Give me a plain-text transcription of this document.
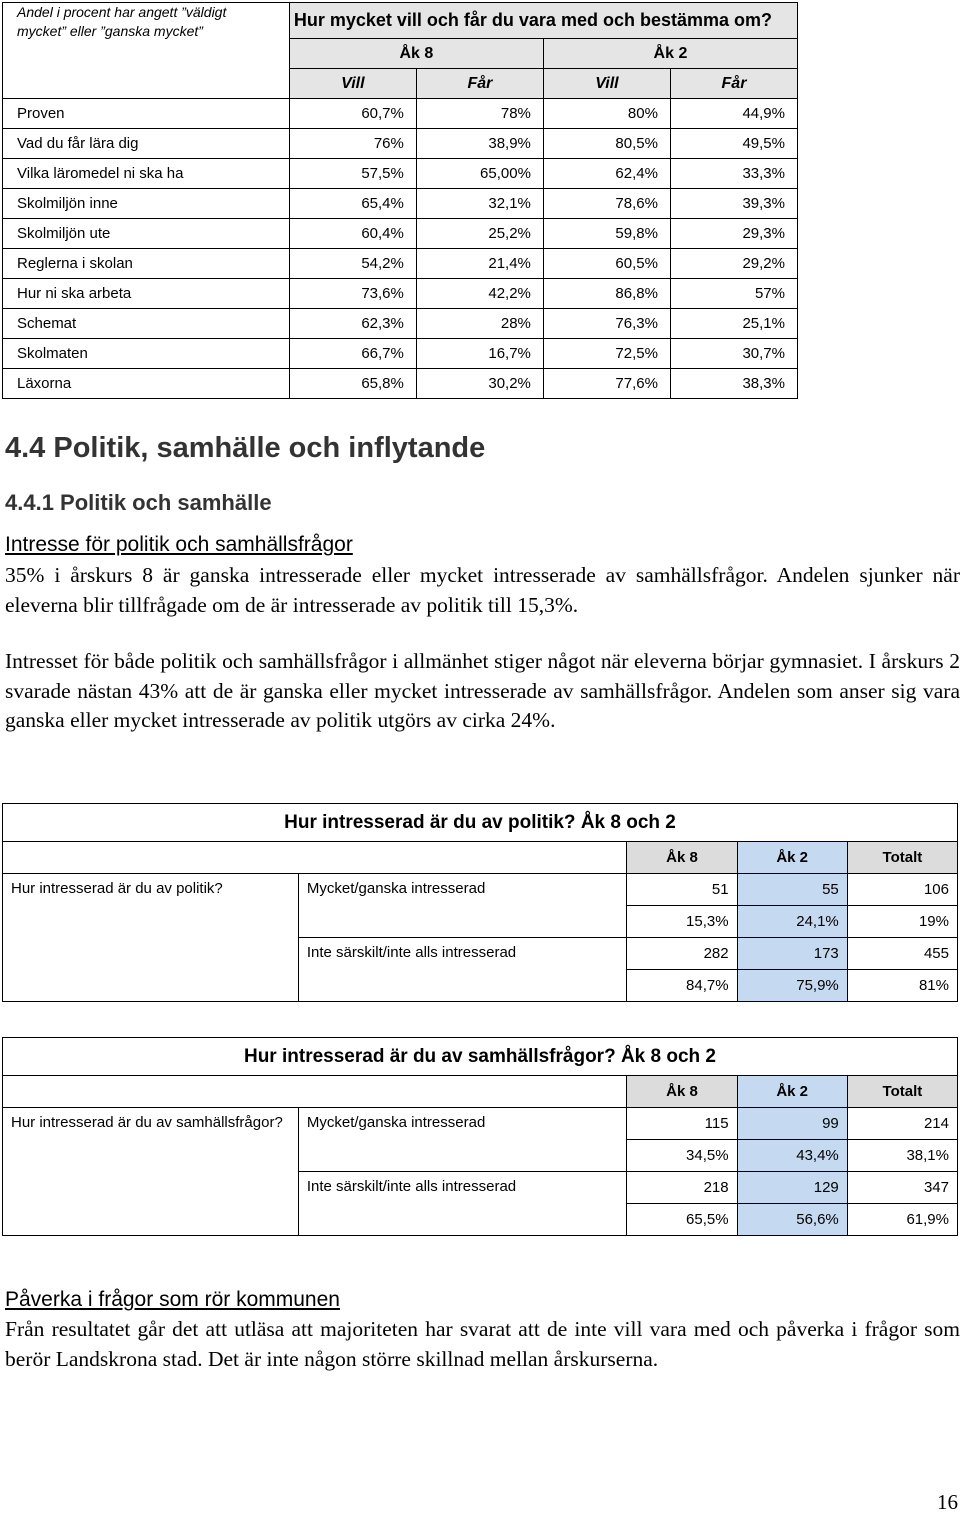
Andel i procent har angett ”väldigt mycket” eller ”ganska mycket”	Hur mycket vill och får du vara med och bestämma om?			
	Åk 8		Åk 2	
	Vill	Får	Vill	Får
Proven	60,7%	78%	80%	44,9%
Vad du får lära dig	76%	38,9%	80,5%	49,5%
Vilka läromedel ni ska ha	57,5%	65,00%	62,4%	33,3%
Skolmiljön inne	65,4%	32,1%	78,6%	39,3%
Skolmiljön ute	60,4%	25,2%	59,8%	29,3%
Reglerna i skolan	54,2%	21,4%	60,5%	29,2%
Hur ni ska arbeta	73,6%	42,2%	86,8%	57%
Schemat	62,3%	28%	76,3%	25,1%
Skolmaten	66,7%	16,7%	72,5%	30,7%
Läxorna	65,8%	30,2%	77,6%	38,3%
4.4 Politik, samhälle och inflytande
4.4.1 Politik och samhälle

Intresse för politik och samhällsfrågor

35% i årskurs 8 är ganska intresserade eller mycket intresserade av samhällsfrågor. Andelen sjunker när eleverna blir tillfrågade om de är intresserade av politik till 15,3%.

Intresset för både politik och samhällsfrågor i allmänhet stiger något när eleverna börjar gymnasiet. I årskurs 2 svarade nästan 43% att de är ganska eller mycket intresserade av samhällsfrågor. Andelen som anser sig vara ganska eller mycket intresserade av politik utgörs av cirka 24%.

Hur intresserad är du av politik? Åk 8 och 2				
		Åk 8	Åk 2	Totalt
Hur intresserad är du av politik?	Mycket/ganska intresserad	51	55	106
		15,3%	24,1%	19%
	Inte särskilt/inte alls intresserad	282	173	455
		84,7%	75,9%	81%
Hur intresserad är du av samhällsfrågor? Åk 8 och 2				
		Åk 8	Åk 2	Totalt
Hur intresserad är du av samhällsfrågor?	Mycket/ganska intresserad	115	99	214
		34,5%	43,4%	38,1%
	Inte särskilt/inte alls intresserad	218	129	347
		65,5%	56,6%	61,9%

Påverka i frågor som rör kommunen

Från resultatet går det att utläsa att majoriteten har svarat att de inte vill vara med och påverka i frågor som berör Landskrona stad. Det är inte någon större skillnad mellan årskurserna.

16
